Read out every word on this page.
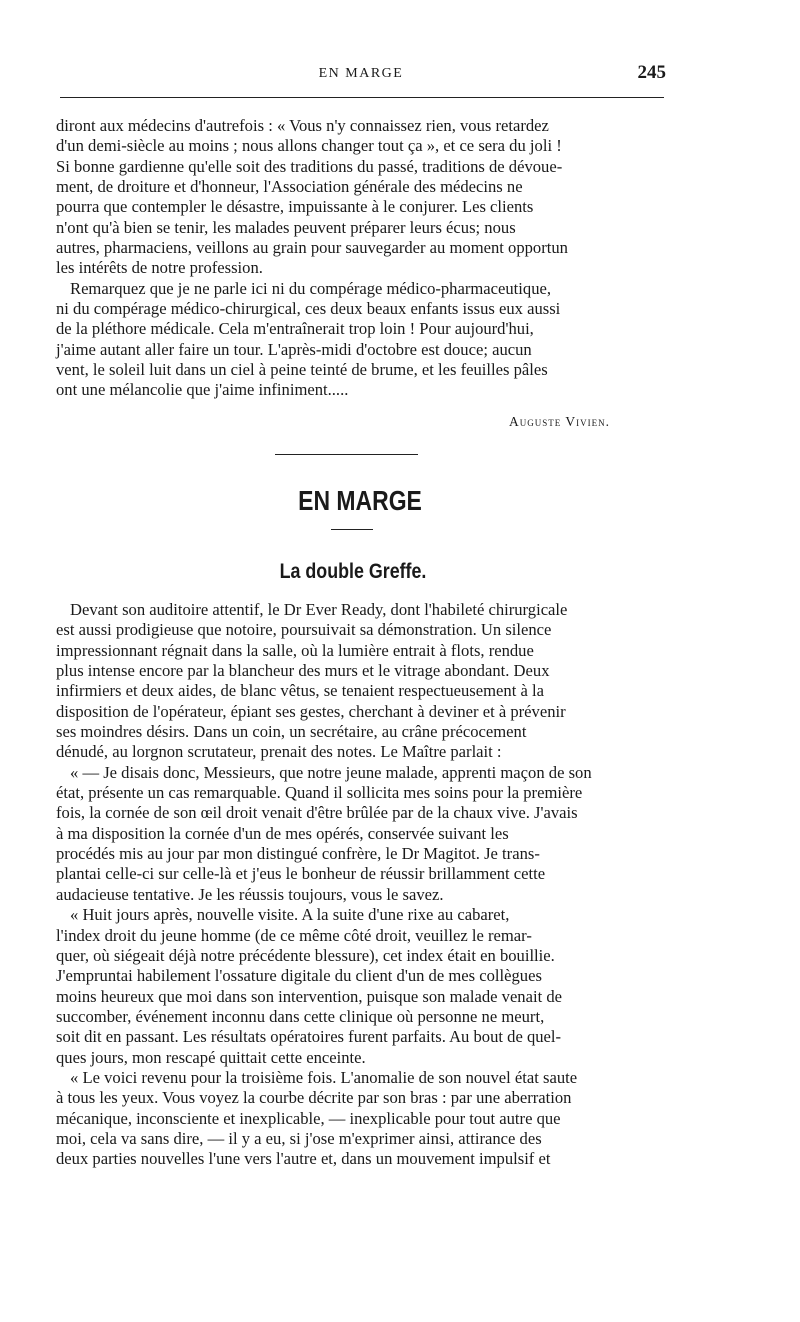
EN MARGE	245

diront aux médecins d'autrefois : « Vous n'y connaissez rien, vous retardez

d'un demi-siècle au moins ; nous allons changer tout ça », et ce sera du joli !

Si bonne gardienne qu'elle soit des traditions du passé, traditions de dévoue-

ment, de droiture et d'honneur, l'Association générale des médecins ne

pourra que contempler le désastre, impuissante à le conjurer. Les clients

n'ont qu'à bien se tenir, les malades peuvent préparer leurs écus; nous

autres, pharmaciens, veillons au grain pour sauvegarder au moment opportun

les intérêts de notre profession.

Remarquez que je ne parle ici ni du compérage médico-pharmaceutique,

ni du compérage médico-chirurgical, ces deux beaux enfants issus eux aussi

de la pléthore médicale. Cela m'entraînerait trop loin ! Pour aujourd'hui,

j'aime autant aller faire un tour. L'après-midi d'octobre est douce; aucun

vent, le soleil luit dans un ciel à peine teinté de brume, et les feuilles pâles

ont une mélancolie que j'aime infiniment.....

Auguste Vivien.
EN MARGE
La double Greffe.

Devant son auditoire attentif, le Dr Ever Ready, dont l'habileté chirurgicale

est aussi prodigieuse que notoire, poursuivait sa démonstration. Un silence

impressionnant régnait dans la salle, où la lumière entrait à flots, rendue

plus intense encore par la blancheur des murs et le vitrage abondant. Deux

infirmiers et deux aides, de blanc vêtus, se tenaient respectueusement à la

disposition de l'opérateur, épiant ses gestes, cherchant à deviner et à prévenir

ses moindres désirs. Dans un coin, un secrétaire, au crâne précocement

dénudé, au lorgnon scrutateur, prenait des notes. Le Maître parlait :

« — Je disais donc, Messieurs, que notre jeune malade, apprenti maçon de son

état, présente un cas remarquable. Quand il sollicita mes soins pour la première

fois, la cornée de son œil droit venait d'être brûlée par de la chaux vive. J'avais

à ma disposition la cornée d'un de mes opérés, conservée suivant les

procédés mis au jour par mon distingué confrère, le Dr Magitot. Je trans-

plantai celle-ci sur celle-là et j'eus le bonheur de réussir brillamment cette

audacieuse tentative. Je les réussis toujours, vous le savez.

« Huit jours après, nouvelle visite. A la suite d'une rixe au cabaret,

l'index droit du jeune homme (de ce même côté droit, veuillez le remar-

quer, où siégeait déjà notre précédente blessure), cet index était en bouillie.

J'empruntai habilement l'ossature digitale du client d'un de mes collègues

moins heureux que moi dans son intervention, puisque son malade venait de

succomber, événement inconnu dans cette clinique où personne ne meurt,

soit dit en passant. Les résultats opératoires furent parfaits. Au bout de quel-

ques jours, mon rescapé quittait cette enceinte.

« Le voici revenu pour la troisième fois. L'anomalie de son nouvel état saute

à tous les yeux. Vous voyez la courbe décrite par son bras : par une aberration

mécanique, inconsciente et inexplicable, — inexplicable pour tout autre que

moi, cela va sans dire, — il y a eu, si j'ose m'exprimer ainsi, attirance des

deux parties nouvelles l'une vers l'autre et, dans un mouvement impulsif et
